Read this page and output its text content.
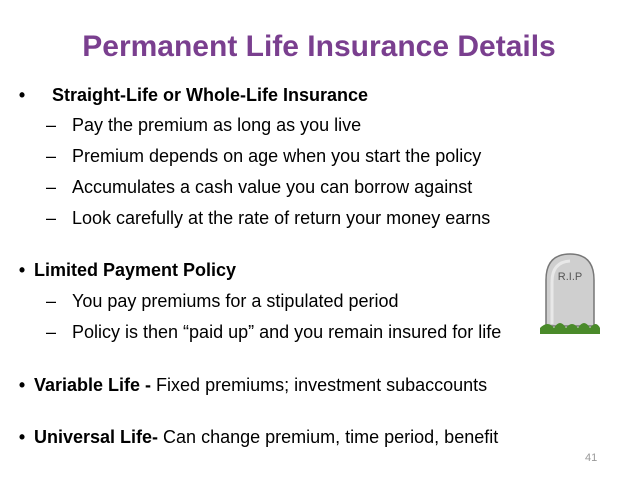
Permanent Life Insurance Details
• Straight-Life or Whole-Life Insurance
– Pay the premium as long as you live
– Premium depends on age when you start the policy
– Accumulates a cash value you can borrow against
– Look carefully at the rate of return your money earns
• Limited Payment Policy
– You pay premiums for a stipulated period
– Policy is then “paid up” and you remain insured for life
R.I.P
• Variable Life - Fixed premiums; investment subaccounts
• Universal Life- Can change premium, time period, benefit
41
